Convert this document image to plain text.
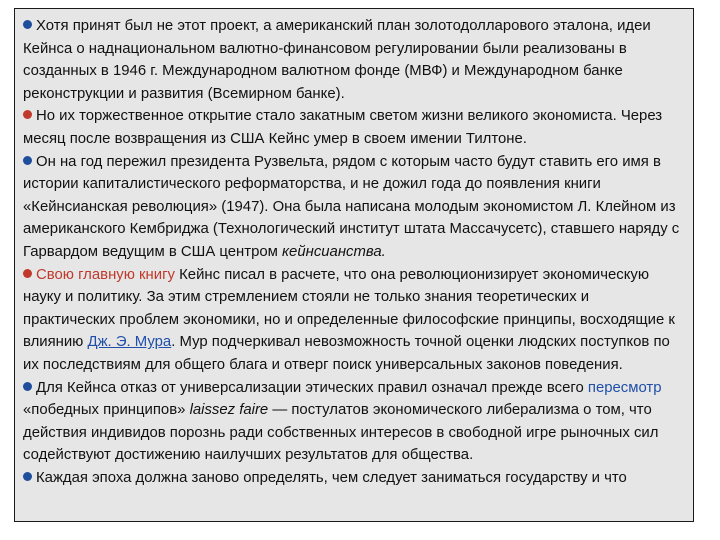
Хотя принят был не этот проект, а американский план золотодолларового эталона, идеи Кейнса о наднациональном валютно-финансовом регулировании были реализованы в созданных в 1946 г. Международном валютном фонде (МВФ) и Международном банке реконструкции и развития (Всемирном банке).

Но их торжественное открытие стало закатным светом жизни великого экономиста. Через месяц после возвращения из США Кейнс умер в своем имении Тилтоне.

Он на год пережил президента Рузвельта, рядом с которым часто будут ставить его имя в истории капиталистического реформаторства, и не дожил года до появления книги «Кейнсианская революция» (1947). Она была написана молодым экономистом Л. Клейном из американского Кембриджа (Технологический институт штата Массачусетс), ставшего наряду с Гарвардом ведущим в США центром кейнсианства.

Свою главную книгу Кейнс писал в расчете, что она революционизирует экономическую науку и политику. За этим стремлением стояли не только знания теоретических и практических проблем экономики, но и определенные философские принципы, восходящие к влиянию Дж. Э. Мура. Мур подчеркивал невозможность точной оценки людских поступков по их последствиям для общего блага и отверг поиск универсальных законов поведения.

Для Кейнса отказ от универсализации этических правил означал прежде всего пересмотр «победных принципов» laissez faire — постулатов экономического либерализма о том, что действия индивидов порознь ради собственных интересов в свободной игре рыночных сил содействуют достижению наилучших результатов для общества.

Каждая эпоха должна заново определять, чем следует заниматься государству и что
